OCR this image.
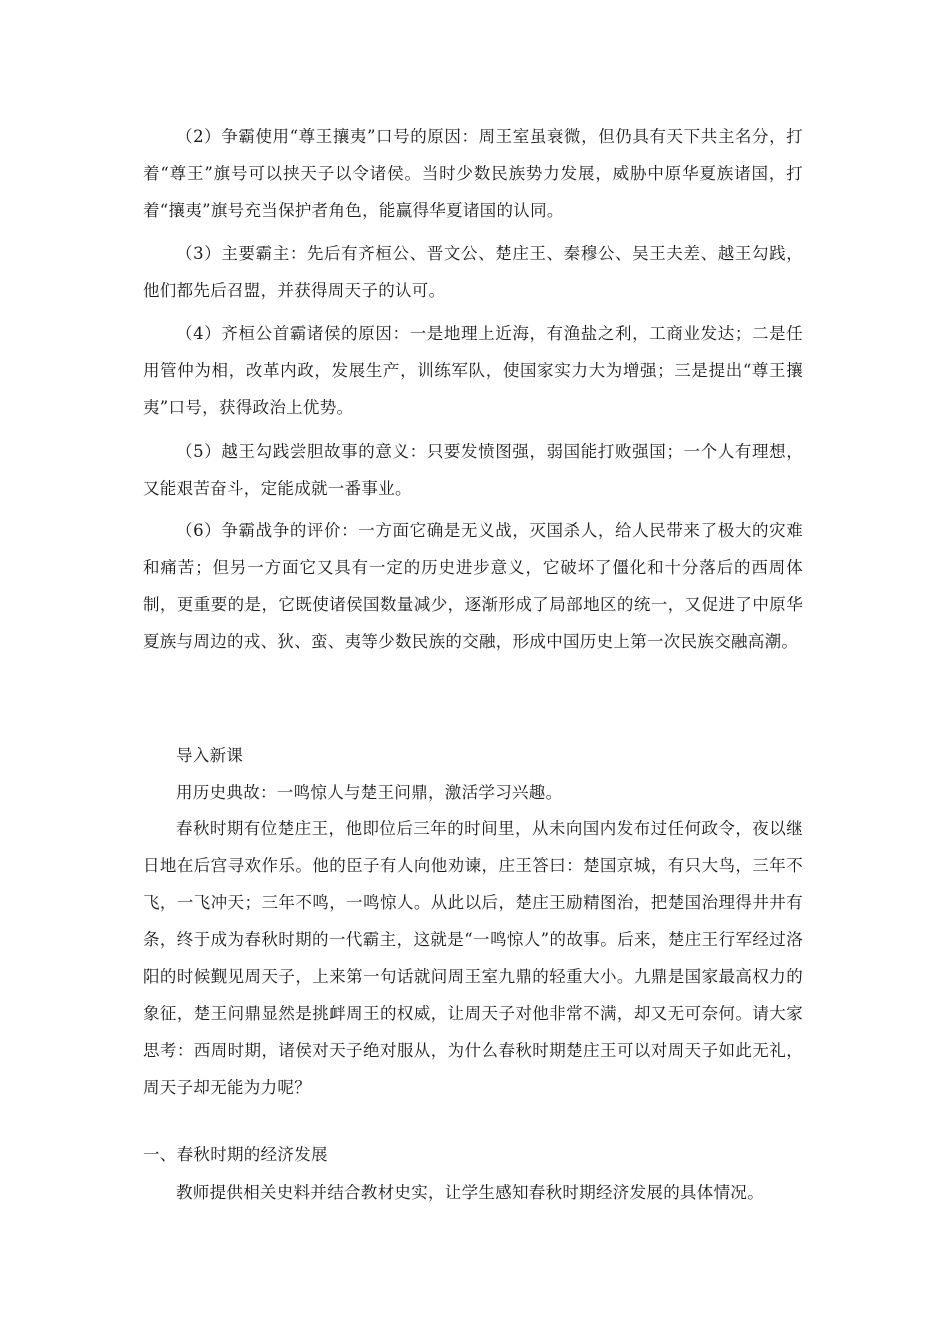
（2）争霸使用“尊王攘夷”口号的原因：周王室虽衰微，但仍具有天下共主名分，打着“尊王”旗号可以挟天子以令诸侯。当时少数民族势力发展，威胁中原华夏族诸国，打着“攘夷”旗号充当保护者角色，能赢得华夏诸国的认同。

（3）主要霸主：先后有齐桓公、晋文公、楚庄王、秦穆公、吴王夫差、越王勾践，他们都先后召盟，并获得周天子的认可。

（4）齐桓公首霸诸侯的原因：一是地理上近海，有渔盐之利，工商业发达；二是任用管仲为相，改革内政，发展生产，训练军队，使国家实力大为增强；三是提出“尊王攘夷”口号，获得政治上优势。

（5）越王勾践尝胆故事的意义：只要发愤图强，弱国能打败强国；一个人有理想，又能艰苦奋斗，定能成就一番事业。

（6）争霸战争的评价：一方面它确是无义战，灭国杀人，给人民带来了极大的灾难和痛苦；但另一方面它又具有一定的历史进步意义，它破坏了僵化和十分落后的西周体制，更重要的是，它既使诸侯国数量减少，逐渐形成了局部地区的统一，又促进了中原华夏族与周边的戎、狄、蛮、夷等少数民族的交融，形成中国历史上第一次民族交融高潮。

导入新课

用历史典故：一鸣惊人与楚王问鼎，激活学习兴趣。

春秋时期有位楚庄王，他即位后三年的时间里，从未向国内发布过任何政令，夜以继日地在后宫寻欢作乐。他的臣子有人向他劝谏，庄王答曰：楚国京城，有只大鸟，三年不飞，一飞冲天；三年不鸣，一鸣惊人。从此以后，楚庄王励精图治，把楚国治理得井井有条，终于成为春秋时期的一代霸主，这就是“一鸣惊人”的故事。后来，楚庄王行军经过洛阳的时候觐见周天子，上来第一句话就问周王室九鼎的轻重大小。九鼎是国家最高权力的象征，楚王问鼎显然是挑衅周王的权威，让周天子对他非常不满，却又无可奈何。请大家思考：西周时期，诸侯对天子绝对服从，为什么春秋时期楚庄王可以对周天子如此无礼，周天子却无能为力呢？

一、春秋时期的经济发展

教师提供相关史料并结合教材史实，让学生感知春秋时期经济发展的具体情况。
